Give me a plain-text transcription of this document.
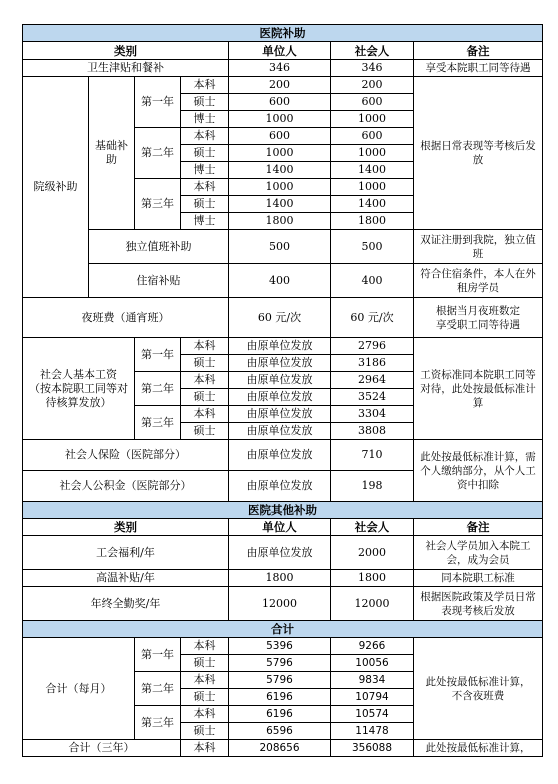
医院补助						
类别				单位人	社会人	备注
卫生津贴和餐补				346	346	享受本院职工同等待遇
院级补助	基础补助	第一年	本科	200	200	根据日常表现等考核后发放
			硕士	600	600	
			博士	1000	1000	
		第二年	本科	600	600	
			硕士	1000	1000	
			博士	1400	1400	
		第三年	本科	1000	1000	
			硕士	1400	1400	
			博士	1800	1800	
	独立值班补助			500	500	双证注册到我院，独立值班
	住宿补贴			400	400	符合住宿条件，本人在外租房学员
夜班费（通宵班）				60 元/次	60 元/次	根据当月夜班数定
享受职工同等待遇
社会人基本工资
（按本院职工同等对待核算发放）		第一年	本科	由原单位发放	2796	工资标准同本院职工同等对待，此处按最低标准计算
			硕士	由原单位发放	3186	
		第二年	本科	由原单位发放	2964	
			硕士	由原单位发放	3524	
		第三年	本科	由原单位发放	3304	
			硕士	由原单位发放	3808	
社会人保险（医院部分）				由原单位发放	710	此处按最低标准计算，需个人缴纳部分，从个人工资中扣除
社会人公积金（医院部分）				由原单位发放	198	
医院其他补助						
类别				单位人	社会人	备注
工会福利/年				由原单位发放	2000	社会人学员加入本院工会，成为会员
高温补贴/年				1800	1800	同本院职工标准
年终全勤奖/年				12000	12000	根据医院政策及学员日常表现考核后发放
合计						
合计（每月）		第一年	本科	5396	9266	此处按最低标准计算，
不含夜班费
			硕士	5796	10056	
		第二年	本科	5796	9834	
			硕士	6196	10794	
		第三年	本科	6196	10574	
			硕士	6596	11478	
合计（三年）			本科	208656	356088	此处按最低标准计算，
